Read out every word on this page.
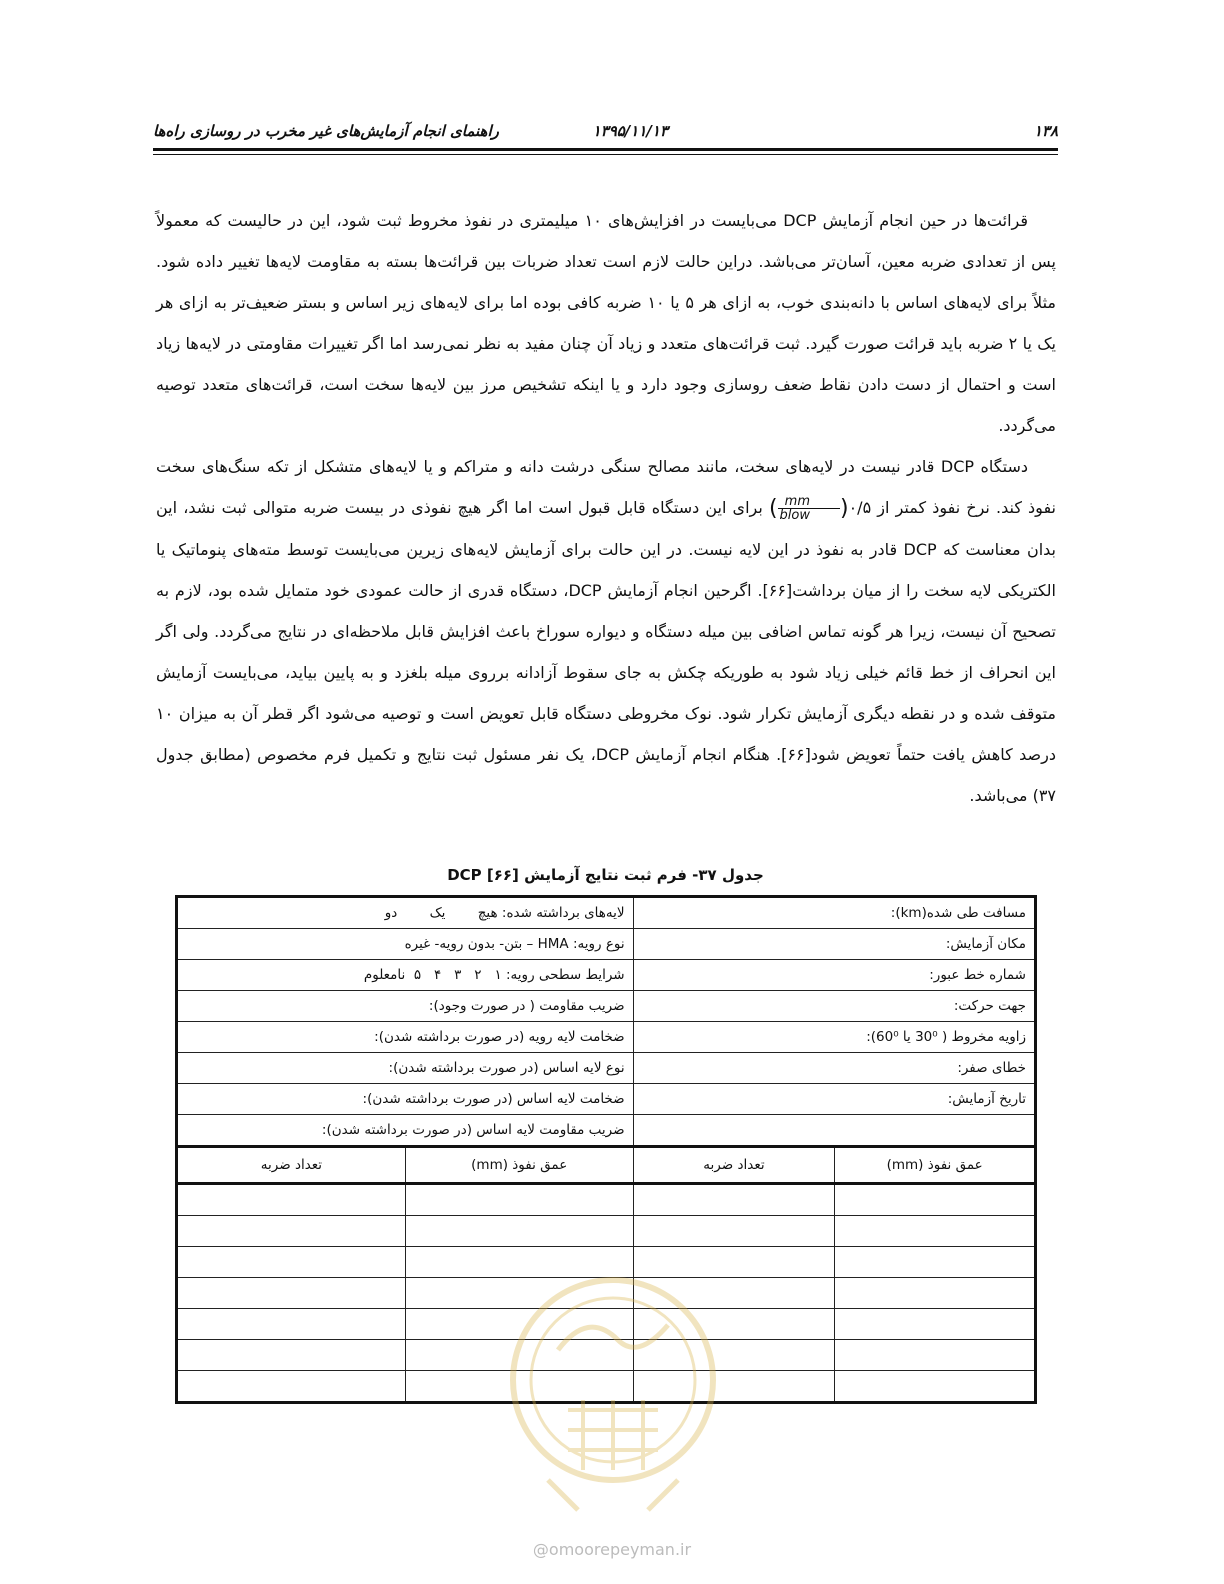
۱۳۸
۱۳۹۵/۱۱/۱۳
راهنمای انجام آزمایش‌های غیر مخرب در روسازی راه‌ها

قرائت‌ها در حین انجام آزمایش DCP می‌بایست در افزایش‌های ۱۰ میلیمتری در نفوذ مخروط ثبت شود، این در حالیست که معمولاً پس از تعدادی ضربه معین، آسان‌تر می‌باشد. دراین حالت لازم است تعداد ضربات بین قرائت‌ها بسته به مقاومت لایه‌ها تغییر داده شود. مثلاً برای لایه‌های اساس با دانه‌بندی خوب، به ازای هر ۵ یا ۱۰ ضربه کافی بوده اما برای لایه‌های زیر اساس و بستر ضعیف‌تر به ازای هر یک یا ۲ ضربه باید قرائت صورت گیرد. ثبت قرائت‌های متعدد و زیاد آن چنان مفید به نظر نمی‌رسد اما اگر تغییرات مقاومتی در لایه‌ها زیاد است و احتمال از دست دادن نقاط ضعف روسازی وجود دارد و یا اینکه تشخیص مرز بین لایه‌ها سخت است، قرائت‌های متعدد توصیه می‌گردد.

دستگاه DCP قادر نیست در لایه‌های سخت، مانند مصالح سنگی درشت دانه و متراکم و یا لایه‌های متشکل از تکه سنگ‌های سخت نفوذ کند. نرخ نفوذ کمتر از ۰/۵(
$\frac{mm}{\text{blow}}$
) برای این دستگاه قابل قبول است اما اگر هیچ نفوذی در بیست ضربه متوالی ثبت نشد، این بدان معناست که DCP قادر به نفوذ در این لایه نیست. در این حالت برای آزمایش لایه‌های زیرین می‌بایست توسط مته‌های پنوماتیک یا الکتریکی لایه سخت را از میان برداشت[۶۶]. اگرحین انجام آزمایش DCP، دستگاه قدری از حالت عمودی خود متمایل شده بود، لازم به تصحیح آن نیست، زیرا هر گونه تماس اضافی بین میله دستگاه و دیواره سوراخ باعث افزایش قابل ملاحظه‌ای در نتایج می‌گردد. ولی اگر این انحراف از خط قائم خیلی زیاد شود به طوریکه چکش به جای سقوط آزادانه برروی میله بلغزد و به پایین بیاید، می‌بایست آزمایش متوقف شده و در نقطه دیگری آزمایش تکرار شود. نوک مخروطی دستگاه قابل تعویض است و توصیه می‌شود اگر قطر آن به میزان ۱۰ درصد کاهش یافت حتماً تعویض شود[۶۶]. هنگام انجام آزمایش DCP، یک نفر مسئول ثبت نتایج و تکمیل فرم مخصوص (مطابق جدول ۳۷) می‌باشد.

جدول ۳۷- فرم ثبت نتایج آزمایش DCP [۶۶]
مسافت طی شده(km):		لایه‌های برداشته شده: هیچ یک دو	
مکان آزمایش:		نوع رویه: HMA – بتن- بدون رویه- غیره	
شماره خط عبور:		شرایط سطحی رویه: ۱   ۲   ۳   ۴   ۵  نامعلوم	
جهت حرکت:		ضریب مقاومت ( در صورت وجود):	
زاویه مخروط ( 30⁰ یا 60⁰):		ضخامت لایه رویه (در صورت برداشته شدن):	
خطای صفر:		نوع لایه اساس (در صورت برداشته شدن):	
تاریخ آزمایش:		ضخامت لایه اساس (در صورت برداشته شدن):	
		ضریب مقاومت لایه اساس (در صورت برداشته شدن):	
عمق نفوذ (mm)	تعداد ضربه	عمق نفوذ (mm)	تعداد ضربه

@omoorepeyman.ir
